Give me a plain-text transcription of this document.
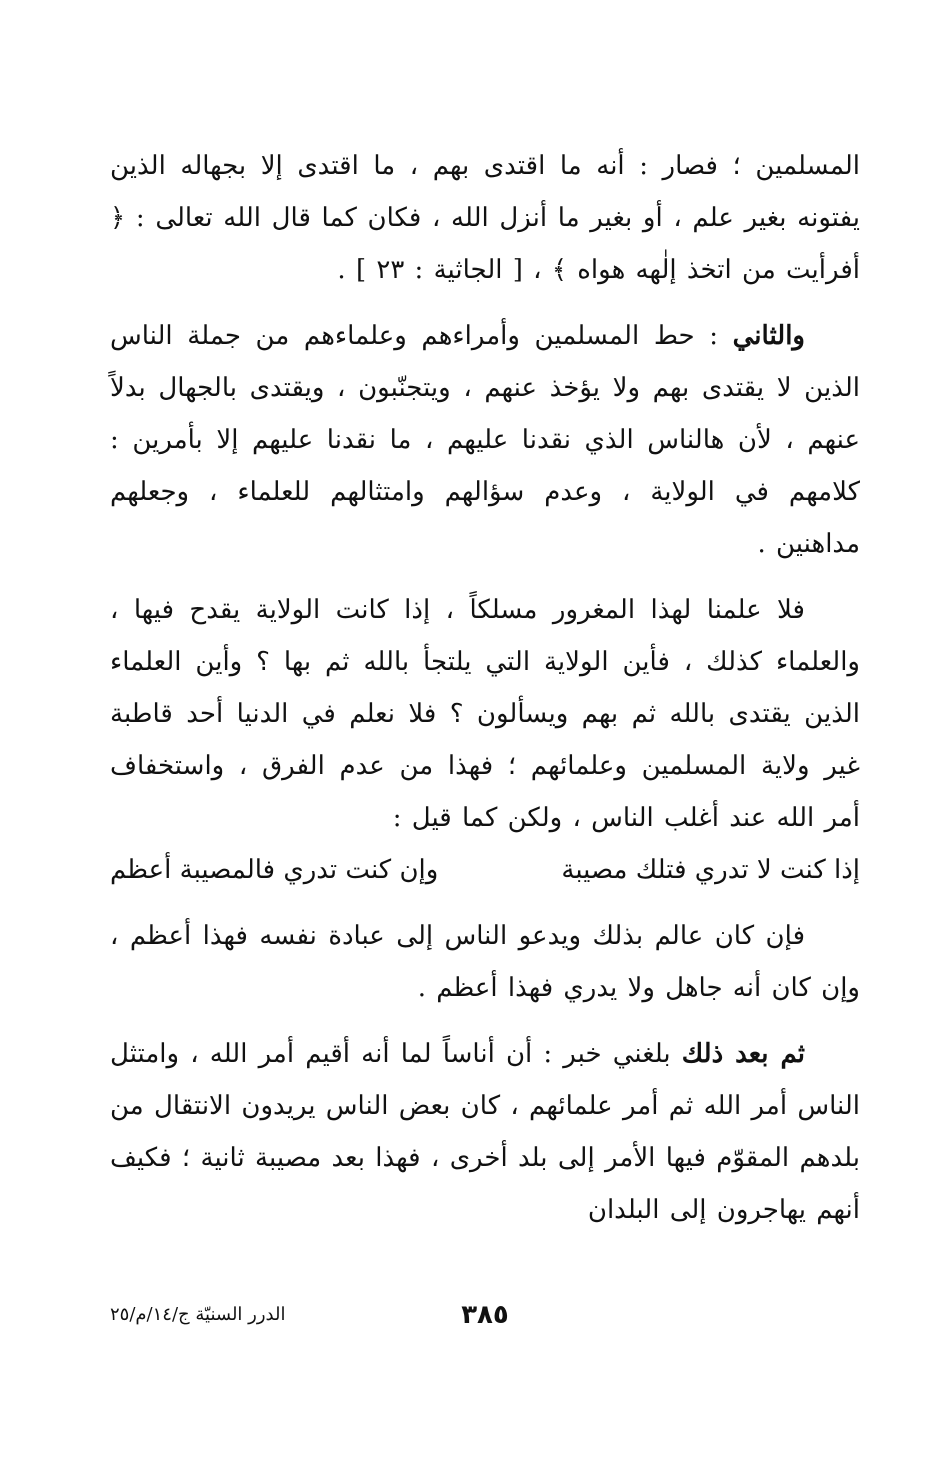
المسلمين ؛ فصار : أنه ما اقتدى بهم ، ما اقتدى إلا بجهاله الذين يفتونه بغير علم ، أو بغير ما أنزل الله ، فكان كما قال الله تعالى : ﴿ أفرأيت من اتخذ إلٰهه هواه ﴾ ، [ الجاثية : ٢٣ ] .

والثاني : حط المسلمين وأمراءهم وعلماءهم من جملة الناس الذين لا يقتدى بهم ولا يؤخذ عنهم ، ويتجنّبون ، ويقتدى بالجهال بدلاً عنهم ، لأن هالناس الذي نقدنا عليهم ، ما نقدنا عليهم إلا بأمرين : كلامهم في الولاية ، وعدم سؤالهم وامتثالهم للعلماء ، وجعلهم مداهنين .

فلا علمنا لهذا المغرور مسلكاً ، إذا كانت الولاية يقدح فيها ، والعلماء كذلك ، فأين الولاية التي يلتجأ بالله ثم بها ؟ وأين العلماء الذين يقتدى بالله ثم بهم ويسألون ؟ فلا نعلم في الدنيا أحد قاطبة غير ولاية المسلمين وعلمائهم ؛ فهذا من عدم الفرق ، واستخفاف أمر الله عند أغلب الناس ، ولكن كما قيل :

إذا كنت لا تدري فتلك مصيبة
وإن كنت تدري فالمصيبة أعظم

فإن كان عالم بذلك ويدعو الناس إلى عبادة نفسه فهذا أعظم ، وإن كان أنه جاهل ولا يدري فهذا أعظم .

ثم بعد ذلك بلغني خبر : أن أناساً لما أنه أقيم أمر الله ، وامتثل الناس أمر الله ثم أمر علمائهم ، كان بعض الناس يريدون الانتقال من بلدهم المقوّم فيها الأمر إلى بلد أخرى ، فهذا بعد مصيبة ثانية ؛ فكيف أنهم يهاجرون إلى البلدان

٣٨٥
الدرر السنيّة ج/١٤/م/٢٥
